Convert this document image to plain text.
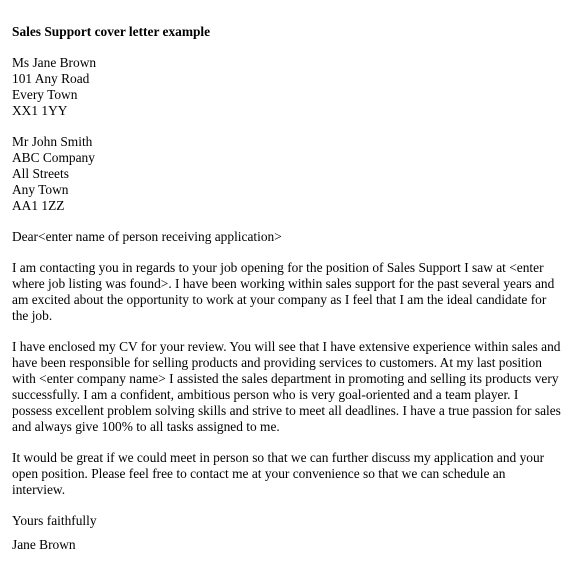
Sales Support cover letter example
Ms Jane Brown
101 Any Road
Every Town
XX1 1YY
Mr John Smith
ABC Company
All Streets
Any Town
AA1 1ZZ
Dear<enter name of person receiving application>
I am contacting you in regards to your job opening for the position of Sales Support I saw at <enter where job listing was found>. I have been working within sales support for the past several years and am excited about the opportunity to work at your company as I feel that I am the ideal candidate for the job.
I have enclosed my CV for your review. You will see that I have extensive experience within sales and have been responsible for selling products and providing services to customers. At my last position with <enter company name> I assisted the sales department in promoting and selling its products very successfully. I am a confident, ambitious person who is very goal-oriented and a team player. I possess excellent problem solving skills and strive to meet all deadlines. I have a true passion for sales and always give 100% to all tasks assigned to me.
It would be great if we could meet in person so that we can further discuss my application and your open position. Please feel free to contact me at your convenience so that we can schedule an interview.
Yours faithfully
Jane Brown
